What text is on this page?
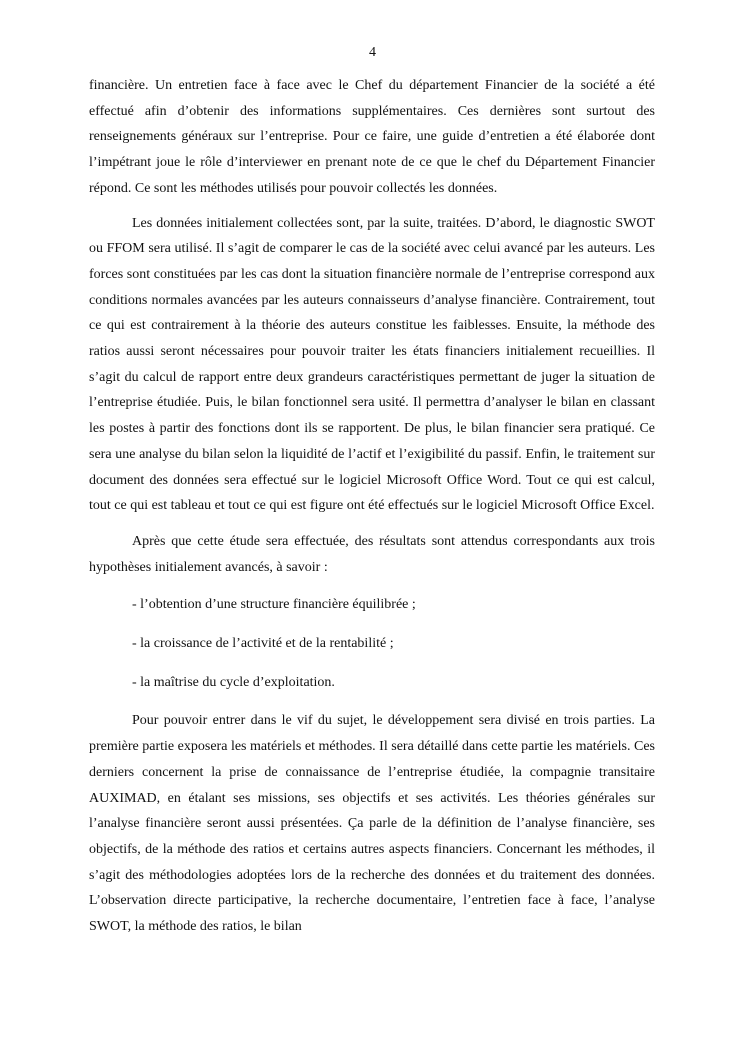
4

financière. Un entretien face à face avec le Chef du département Financier de la société a été effectué afin d’obtenir des informations supplémentaires. Ces dernières sont surtout des renseignements généraux sur l’entreprise. Pour ce faire, une guide d’entretien a été élaborée dont l’impétrant joue le rôle d’interviewer en prenant note de ce que le chef du Département Financier répond. Ce sont les méthodes utilisés pour pouvoir collectés les données.

Les données initialement collectées sont, par la suite, traitées. D’abord, le diagnostic SWOT ou FFOM sera utilisé. Il s’agit de comparer le cas de la société avec celui avancé par les auteurs. Les forces sont constituées par les cas dont la situation financière normale de l’entreprise correspond aux conditions normales avancées par les auteurs connaisseurs d’analyse financière. Contrairement, tout ce qui est contrairement à la théorie des auteurs constitue les faiblesses. Ensuite, la méthode des ratios aussi seront nécessaires pour pouvoir traiter les états financiers initialement recueillies. Il s’agit du calcul de rapport entre deux grandeurs caractéristiques permettant de juger la situation de l’entreprise étudiée. Puis, le bilan fonctionnel sera usité. Il permettra d’analyser le bilan en classant les postes à partir des fonctions dont ils se rapportent. De plus, le bilan financier sera pratiqué. Ce sera une analyse du bilan selon la liquidité de l’actif et l’exigibilité du passif. Enfin, le traitement sur document des données sera effectué sur le logiciel Microsoft Office Word. Tout ce qui est calcul, tout ce qui est tableau et tout ce qui est figure ont été effectués sur le logiciel Microsoft Office Excel.

Après que cette étude sera effectuée, des résultats sont attendus correspondants aux trois hypothèses initialement avancés, à savoir :

- l’obtention d’une structure financière équilibrée ;

- la croissance de l’activité et de la rentabilité ;

- la maîtrise du cycle d’exploitation.

Pour pouvoir entrer dans le vif du sujet, le développement sera divisé en trois parties. La première partie exposera les matériels et méthodes. Il sera détaillé dans cette partie les matériels. Ces derniers concernent la prise de connaissance de l’entreprise étudiée, la compagnie transitaire AUXIMAD, en étalant ses missions, ses objectifs et ses activités. Les théories générales sur l’analyse financière seront aussi présentées. Ça parle de la définition de l’analyse financière, ses objectifs, de la méthode des ratios et certains autres aspects financiers. Concernant les méthodes, il s’agit des méthodologies adoptées lors de la recherche des données et du traitement des données. L’observation directe participative, la recherche documentaire, l’entretien face à face, l’analyse SWOT, la méthode des ratios, le bilan
